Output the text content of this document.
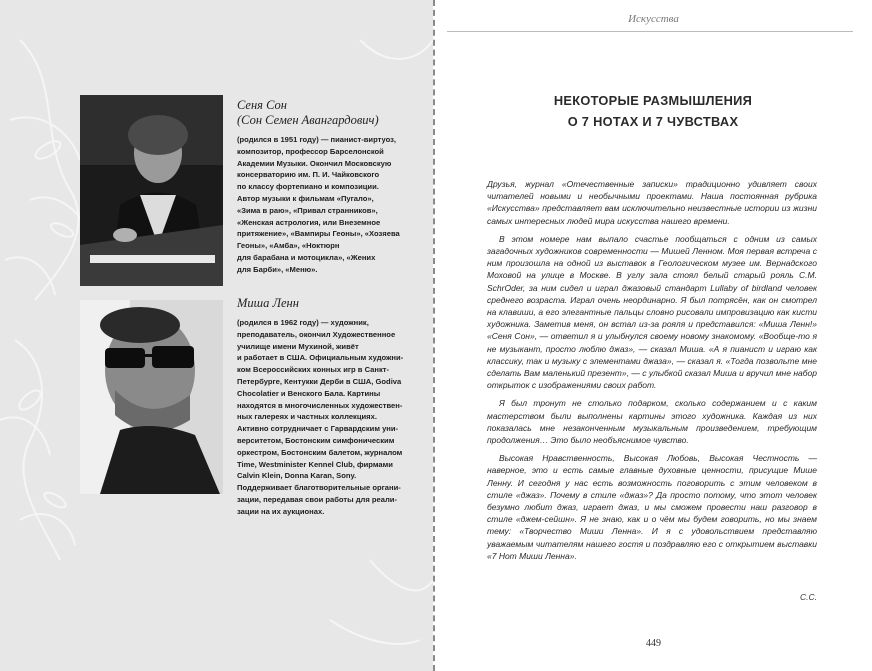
Сеня Сон

(Сон Семен Авангардович)

(родился в 1951 году) — пианист-виртуоз,
композитор, профессор Барселонской
Академии Музыки. Окончил Московскую
консерваторию им. П. И. Чайковского
по классу фортепиано и композиции.
Автор музыки к фильмам «Пугало»,
«Зима в раю», «Привал странников»,
«Женская астрология, или Внеземное
притяжение», «Вампиры Геоны», «Хозяева
Геоны», «Амба», «Ноктюрн
для барабана и мотоцикла», «Жених
для Барби», «Меню».

Миша Ленн

(родился в 1962 году) — художник,
преподаватель, окончил Художественное
училище имени Мухиной, живёт
и работает в США. Официальным художни-
ком Всероссийских конных игр в Санкт-
Петербурге, Кентукки Дерби в США, Godiva
Chocolatier и Венского Бала. Картины
находятся в многочисленных художествен-
ных галереях и частных коллекциях.
Активно сотрудничает с Гарвардским уни-
верситетом, Бостонским симфоническим
оркестром, Бостонским балетом, журналом
Time, Westminister Kennel Club, фирмами
Calvin Klein, Donna Karan, Sony.
Поддерживает благотворительные органи-
зации, передавая свои работы для реали-
зации на их аукционах.

Искусства
НЕКОТОРЫЕ РАЗМЫШЛЕНИЯ
О 7 НОТАХ И 7 ЧУВСТВАХ

Друзья, журнал «Отечественные записки» традиционно удивляет своих читателей новыми и необычными проектами. Наша постоянная рубрика «Искусства» представляет вам исключительно неизвестные истории из жизни самых интересных людей мира искусства нашего времени.

В этом номере нам выпало счастье пообщаться с одним из самых загадочных художников современности — Мишей Ленном. Моя первая встреча с ним произошла на одной из выставок в Геологическом музее им. Вернадского Моховой на улице в Москве. В углу зала стоял белый старый рояль C.M. SchrOder, за ним сидел и играл джазовый стандарт Lullaby of birdland человек среднего возраста. Играл очень неординарно. Я был потрясён, как он смотрел на клавиши, а его элегантные пальцы словно рисовали импровизацию как кисти художника. Заметив меня, он встал из-за рояля и представился: «Миша Ленн!» «Сеня Сон», — ответил я и улыбнулся своему новому знакомому. «Вообще-то я не музыкант, просто люблю джаз», — сказал Миша. «А я пианист и играю как классику, так и музыку с элементами джаза», — сказал я. «Тогда позвольте мне сделать Вам маленький презент», — с улыбкой сказал Миша и вручил мне набор открыток с изображениями своих работ.

Я был тронут не столько подарком, сколько содержанием и с каким мастерством были выполнены картины этого художника. Каждая из них показалась мне незаконченным музыкальным произведением, требующим продолжения… Это было необъяснимое чувство.

Высокая Нравственность, Высокая Любовь, Высокая Честность — наверное, это и есть самые главные духовные ценности, присущие Мише Ленну. И сегодня у нас есть возможность поговорить с этим человеком в стиле «джаз». Почему в стиле «джаз»? Да просто потому, что этот человек безумно любит джаз, играет джаз, и мы сможем провести наш разговор в стиле «джем-сейшн». Я не знаю, как и о чём мы будем говорить, но мы знаем тему: «Творчество Миши Ленна». И я с удовольствием представляю уважаемым читателям нашего гостя и поздравляю его с открытием выставки «7 Нот Миши Ленна».

С.С.
449
